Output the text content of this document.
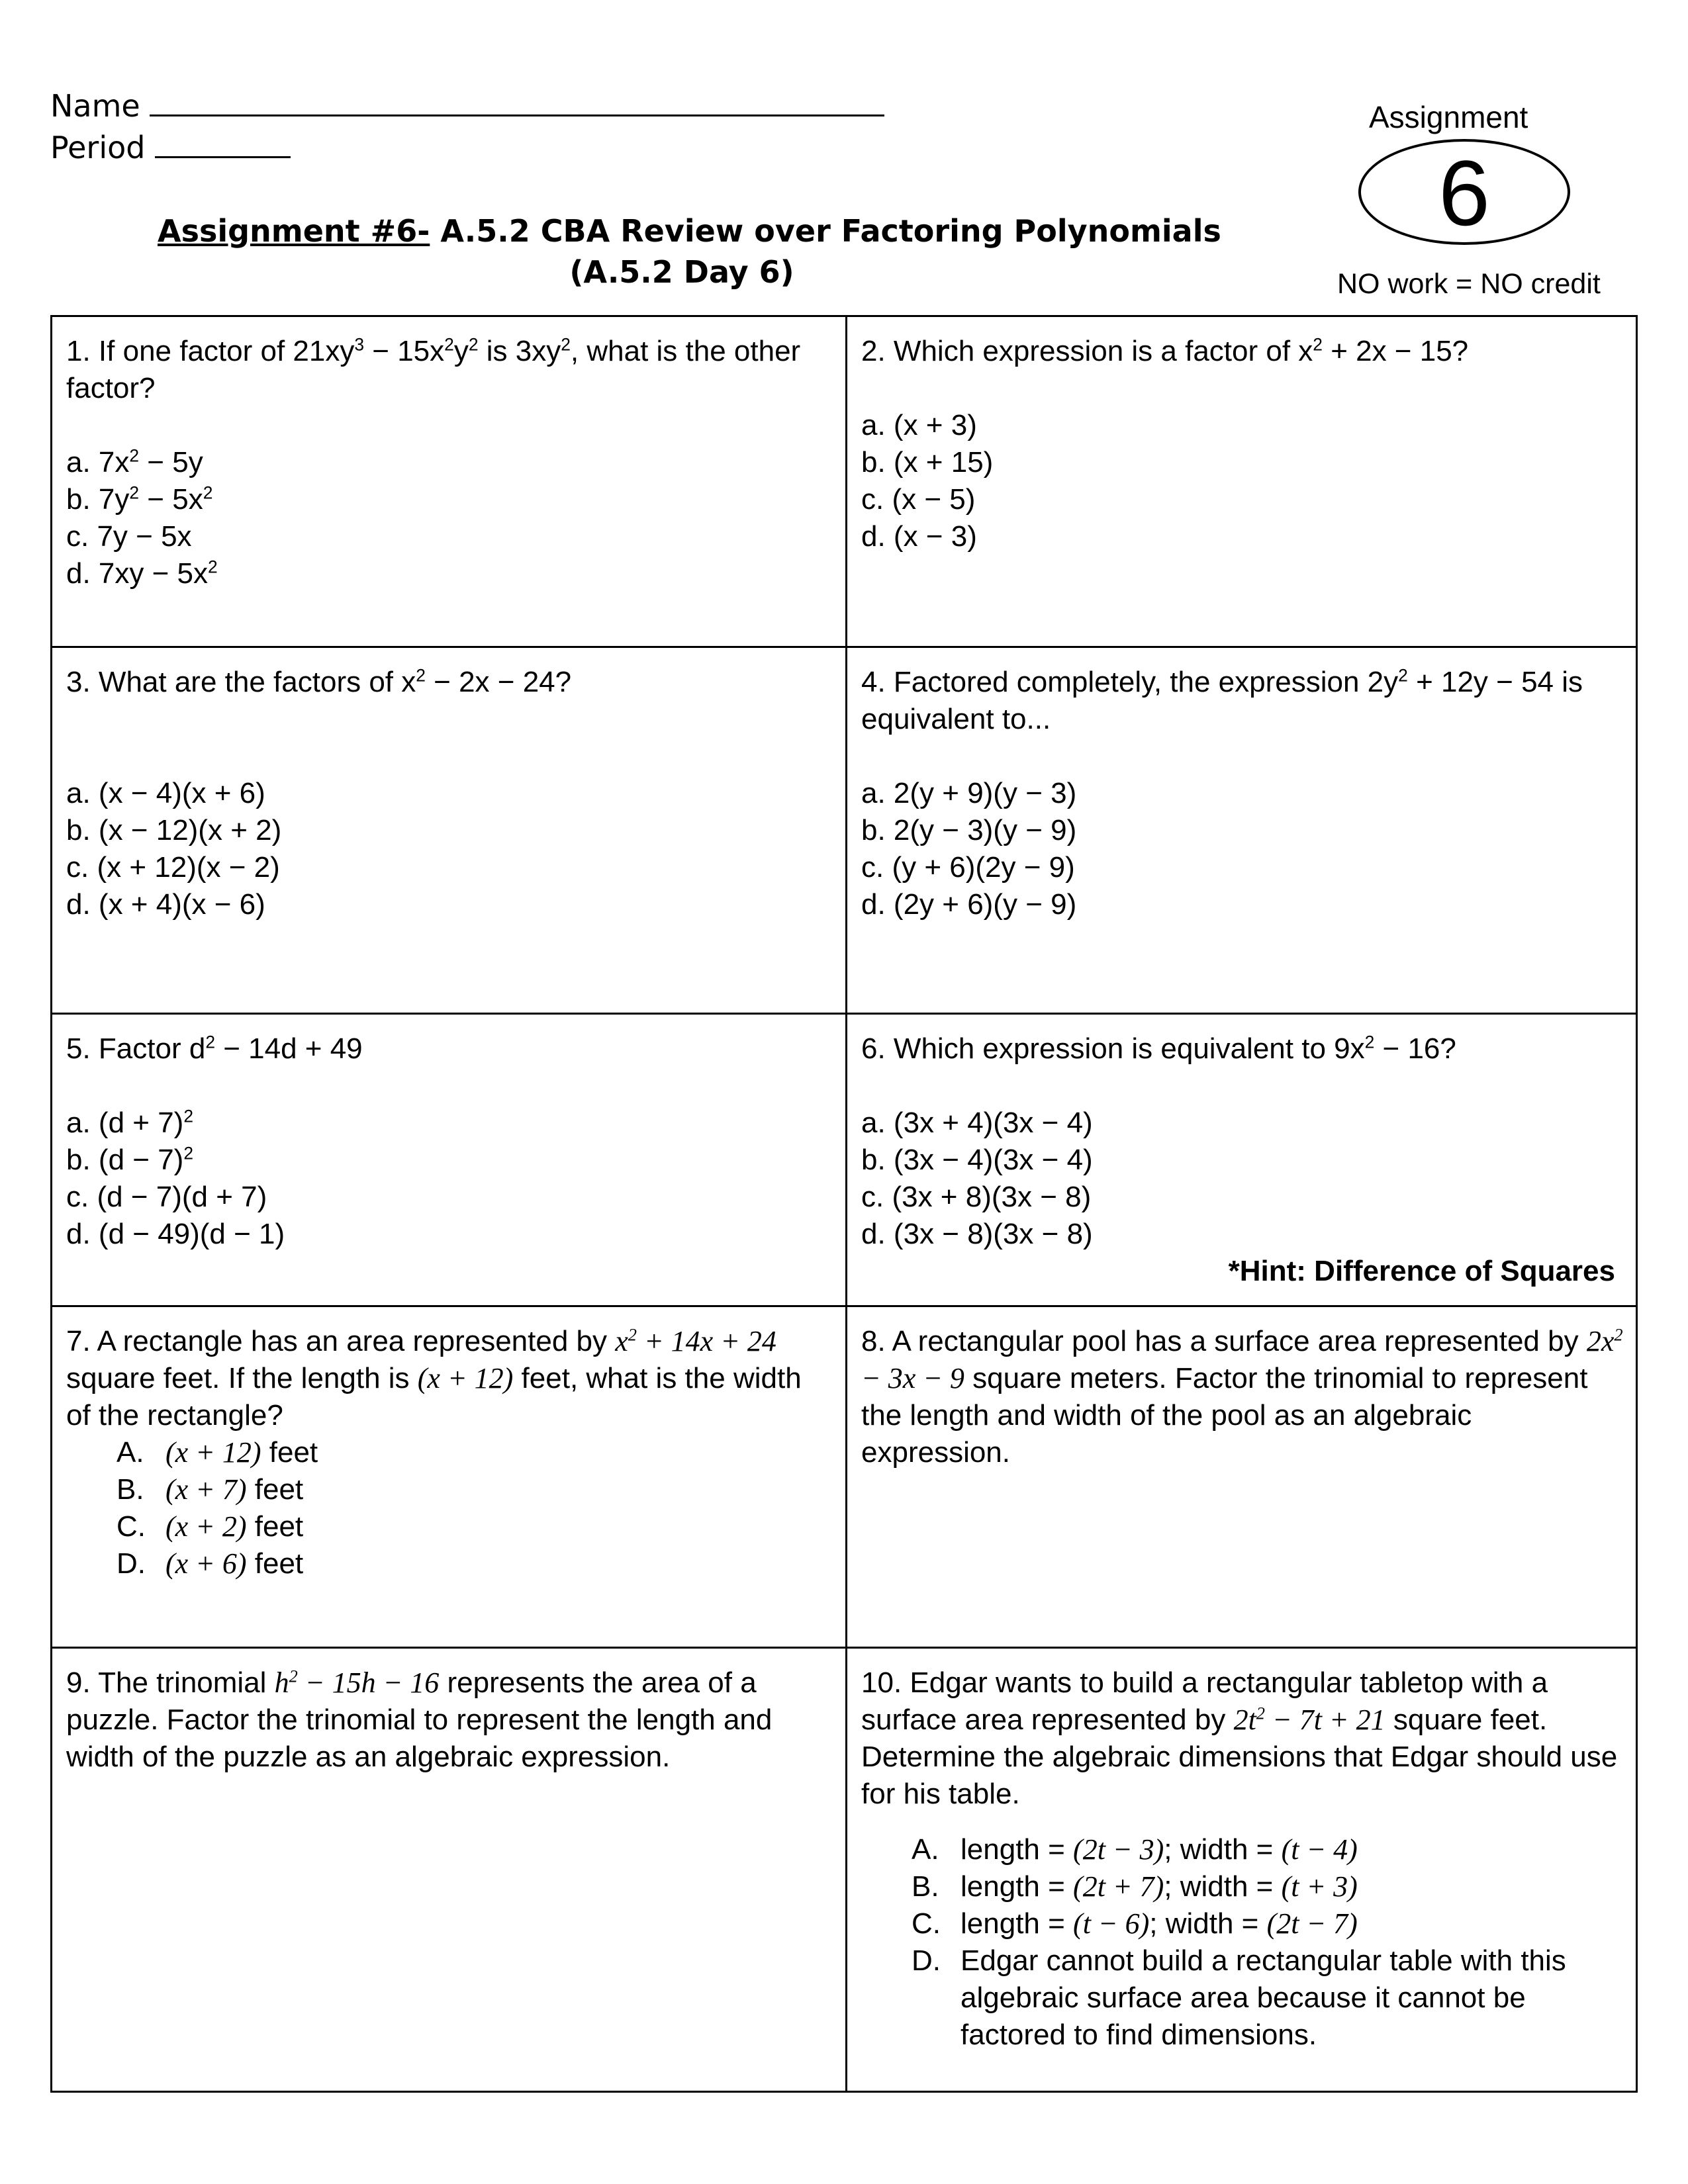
Name
Period
Assignment #6- A.5.2 CBA Review over Factoring Polynomials
(A.5.2 Day 6)
Assignment
6
NO work = NO credit
1. If one factor of $21xy^3 - 15x^2y^2$ is $3xy^2$, what is the other factor?
a. $7x^2 - 5y$
b. $7y^2 - 5x^2$
c. 7y − 5x
d. $7xy - 5x^2$
2. Which expression is a factor of $x^2 + 2x - 15$?
a. (x + 3)
b. (x + 15)
c. (x − 5)
d. (x − 3)
3. What are the factors of $x^2 - 2x - 24$?
a. (x − 4)(x + 6)
b. (x − 12)(x + 2)
c. (x + 12)(x − 2)
d. (x + 4)(x − 6)
4. Factored completely, the expression $2y^2 + 12y - 54$ is equivalent to...
a. 2(y + 9)(y − 3)
b. 2(y − 3)(y − 9)
c. (y + 6)(2y − 9)
d. (2y + 6)(y − 9)
5. Factor $d^2 - 14d + 49$
a. $(d + 7)^2$
b. $(d - 7)^2$
c. (d − 7)(d + 7)
d. (d − 49)(d − 1)
6. Which expression is equivalent to $9x^2 - 16$?
a. (3x + 4)(3x − 4)
b. (3x − 4)(3x − 4)
c. (3x + 8)(3x − 8)
d. (3x − 8)(3x − 8)
*Hint: Difference of Squares
7. A rectangle has an area represented by $x^2 + 14x + 24$ square feet. If the length is (x + 12) feet, what is the width of the rectangle?
A. (x + 12) feet
B. (x + 7) feet
C. (x + 2) feet
D. (x + 6) feet
8. A rectangular pool has a surface area represented by $2x^2 - 3x - 9$ square meters. Factor the trinomial to represent the length and width of the pool as an algebraic expression.
9. The trinomial $h^2 - 15h - 16$ represents the area of a puzzle. Factor the trinomial to represent the length and width of the puzzle as an algebraic expression.
10. Edgar wants to build a rectangular tabletop with a surface area represented by $2t^2 - 7t + 21$ square feet. Determine the algebraic dimensions that Edgar should use for his table.
A. length = (2t − 3); width = (t − 4)
B. length = (2t + 7); width = (t + 3)
C. length = (t − 6); width = (2t − 7)
D. Edgar cannot build a rectangular table with this algebraic surface area because it cannot be factored to find dimensions.
